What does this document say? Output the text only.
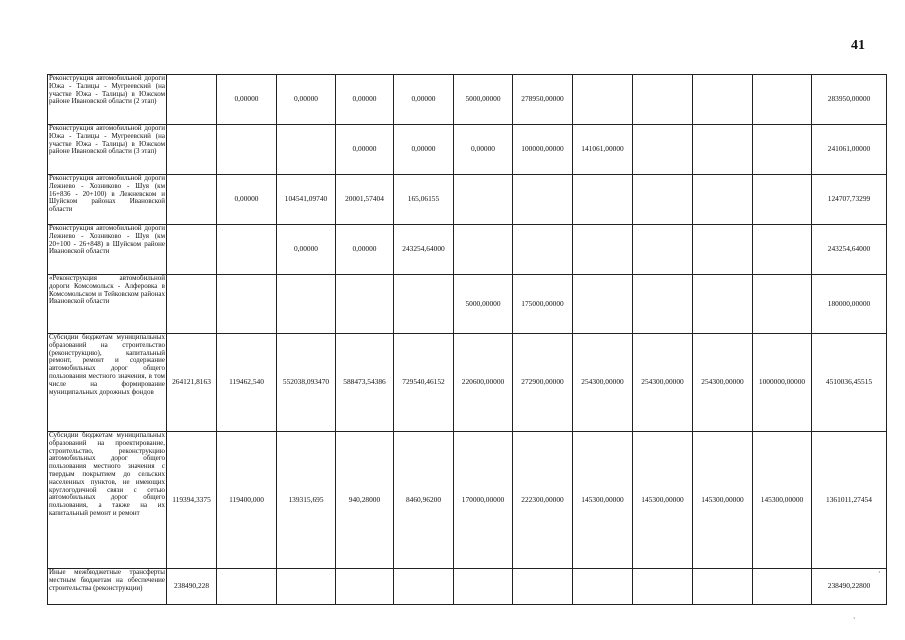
41
Реконструкция автомобильной дороги Южа - Талицы - Мугреевский (на участке Южа - Талицы) в Южском районе Ивановской области (2 этап)		0,00000	0,00000	0,00000	0,00000	5000,00000	278950,00000					283950,00000
Реконструкция автомобильной дороги Южа - Талицы - Мугреевский (на участке Южа - Талицы) в Южском районе Ивановской области (3 этап)				0,00000	0,00000	0,00000	100000,00000	141061,00000				241061,00000
Реконструкция автомобильной дороги Лежнево - Хозниково - Шуя (км 16+836 - 20+100) в Лежневском и Шуйском районах Ивановской области		0,00000	104541,09740	20001,57404	165,06155							124707,73299
Реконструкция автомобильной дороги Лежнево - Хозниково - Шуя (км 20+100 - 26+848) в Шуйском районе Ивановской области			0,00000	0,00000	243254,64000							243254,64000
«Реконструкция автомобильной дороги Комсомольск - Алферовка в Комсомольском и Тейковском районах Ивановской области						5000,00000	175000,00000					180000,00000
Субсидии бюджетам муниципальных образований на строительство (реконструкцию), капитальный ремонт, ремонт и содержание автомобильных дорог общего пользования местного значения, в том числе на формирование муниципальных дорожных фондов	264121,8163	119462,540	552038,093470	588473,54386	729540,46152	220600,00000	272900,00000	254300,00000	254300,00000	254300,00000	1000000,00000	4510036,45515
Субсидии бюджетам муниципальных образований на проектирование, строительство, реконструкцию автомобильных дорог общего пользования местного значения с твердым покрытием до сельских населенных пунктов, не имеющих круглогодичной связи с сетью автомобильных дорог общего пользования, а также на их капитальный ремонт и ремонт	119394,3375	119400,000	139315,695	940,28000	8460,96200	170000,00000	222300,00000	145300,00000	145300,00000	145300,00000	145300,00000	1361011,27454
Иные межбюджетные трансферты местным бюджетам на обеспечение строительства (реконструкции)	238490,228											238490,22800
·
˯
